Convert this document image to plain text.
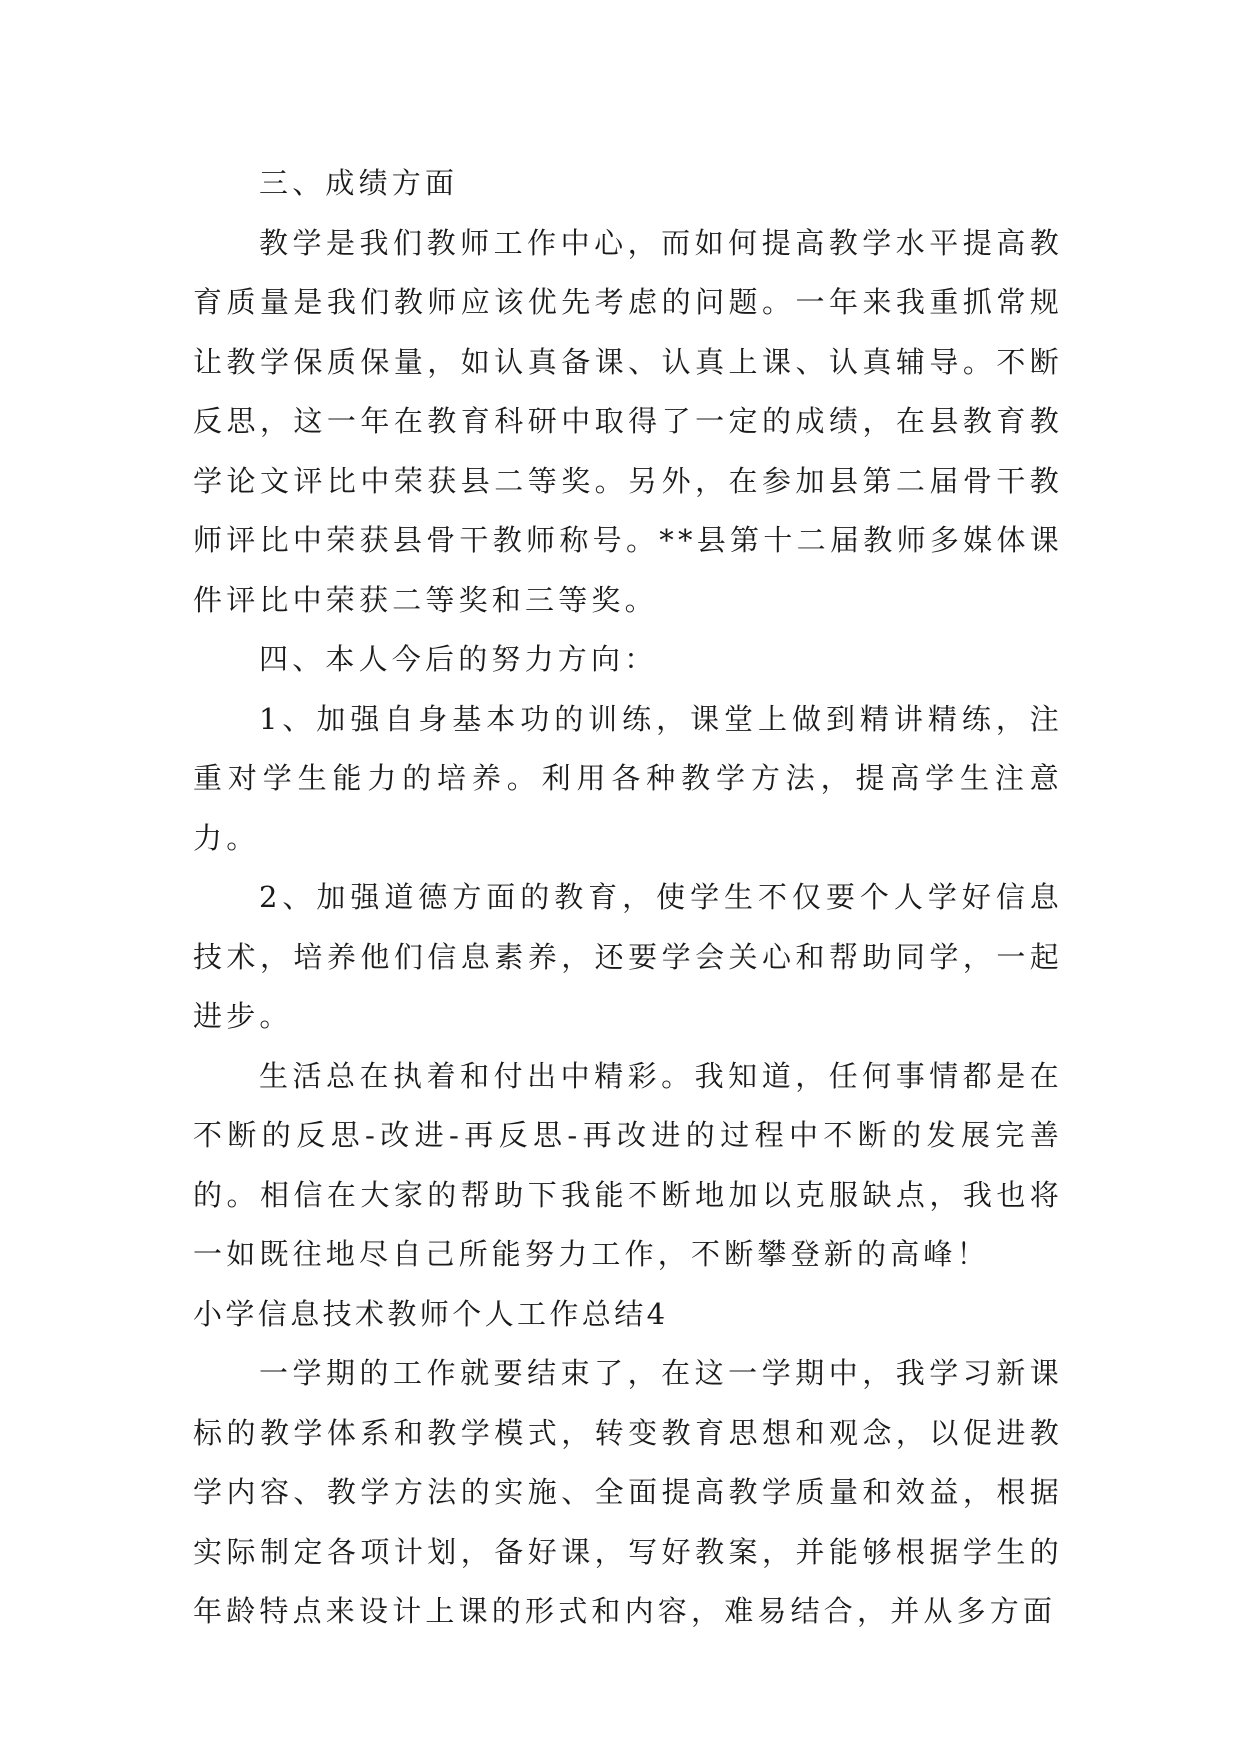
三、成绩方面

教学是我们教师工作中心，而如何提高教学水平提高教育质量是我们教师应该优先考虑的问题。一年来我重抓常规让教学保质保量，如认真备课、认真上课、认真辅导。不断反思，这一年在教育科研中取得了一定的成绩，在县教育教学论文评比中荣获县二等奖。另外，在参加县第二届骨干教师评比中荣获县骨干教师称号。**县第十二届教师多媒体课件评比中荣获二等奖和三等奖。

四、本人今后的努力方向：

1、加强自身基本功的训练，课堂上做到精讲精练，注重对学生能力的培养。利用各种教学方法，提高学生注意力。

2、加强道德方面的教育，使学生不仅要个人学好信息技术，培养他们信息素养，还要学会关心和帮助同学，一起进步。

生活总在执着和付出中精彩。我知道，任何事情都是在不断的反思-改进-再反思-再改进的过程中不断的发展完善的。相信在大家的帮助下我能不断地加以克服缺点，我也将一如既往地尽自己所能努力工作，不断攀登新的高峰！

小学信息技术教师个人工作总结4

一学期的工作就要结束了，在这一学期中，我学习新课标的教学体系和教学模式，转变教育思想和观念，以促进教学内容、教学方法的实施、全面提高教学质量和效益，根据实际制定各项计划，备好课，写好教案，并能够根据学生的年龄特点来设计上课的形式和内容，难易结合，并从多方面
